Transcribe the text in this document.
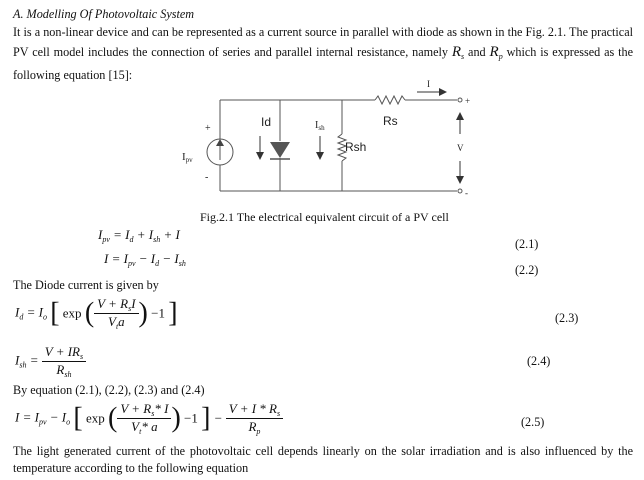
A. Modelling Of Photovoltaic System
It is a non-linear device and can be represented as a current source in parallel with diode as shown in the Fig. 2.1. The practical PV cell model includes the connection of series and parallel internal resistance, namely $R_s$ and $R_p$ which is expressed as the following equation [15]:
+
-
Ipv
Id	$I_{sh}$
Rsh
Rs
I
V
+
-
Fig.2.1 The electrical equivalent circuit of a PV cell
$I_{pv} = I_d + I_{sh} + I$
(2.1)
$I = I_{pv} - I_d - I_{sh}$	(2.2)
The Diode current is given by
$I_d = I_o$ [ exp ( $\frac{V + R_sI}{V_ta}$ ) −1 ]	(2.3)
$I_{sh} = \frac{V + IR_s}{R_{sh}}$	(2.4)
By equation (2.1), (2.2), (2.3) and (2.4)
$I = I_{pv} - I_o$ [ exp ( $\frac{V + R_s* I}{V_t* a}$ ) −1 ] − $\frac{V + I * R_s}{R_p}$	(2.5)
The light generated current of the photovoltaic cell depends linearly on the solar irradiation and is also influenced by the temperature according to the following equation
